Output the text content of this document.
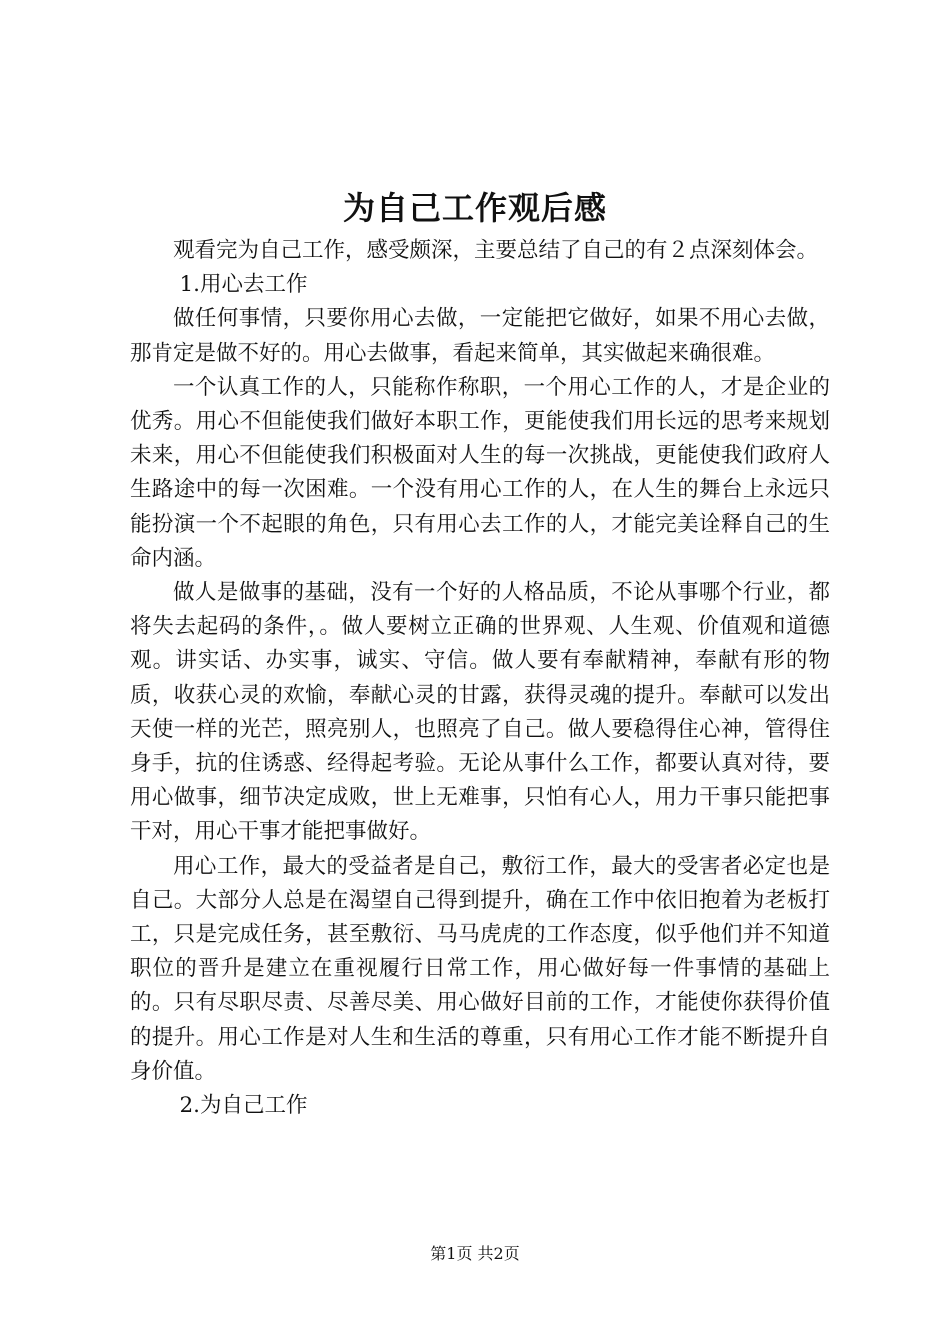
为自己工作观后感

观看完为自己工作，感受颇深，主要总结了自己的有２点深刻体会。

1.用心去工作

做任何事情，只要你用心去做，一定能把它做好，如果不用心去做，那肯定是做不好的。用心去做事，看起来简单，其实做起来确很难。

一个认真工作的人，只能称作称职，一个用心工作的人，才是企业的优秀。用心不但能使我们做好本职工作，更能使我们用长远的思考来规划未来，用心不但能使我们积极面对人生的每一次挑战，更能使我们政府人生路途中的每一次困难。一个没有用心工作的人，在人生的舞台上永远只能扮演一个不起眼的角色，只有用心去工作的人，才能完美诠释自己的生命内涵。

做人是做事的基础，没有一个好的人格品质，不论从事哪个行业，都将失去起码的条件，。做人要树立正确的世界观、人生观、价值观和道德观。讲实话、办实事，诚实、守信。做人要有奉献精神，奉献有形的物质，收获心灵的欢愉，奉献心灵的甘露，获得灵魂的提升。奉献可以发出天使一样的光芒，照亮别人，也照亮了自己。做人要稳得住心神，管得住身手，抗的住诱惑、经得起考验。无论从事什么工作，都要认真对待，要用心做事，细节决定成败，世上无难事，只怕有心人，用力干事只能把事干对，用心干事才能把事做好。

用心工作，最大的受益者是自己，敷衍工作，最大的受害者必定也是自己。大部分人总是在渴望自己得到提升，确在工作中依旧抱着为老板打工，只是完成任务，甚至敷衍、马马虎虎的工作态度，似乎他们并不知道职位的晋升是建立在重视履行日常工作，用心做好每一件事情的基础上的。只有尽职尽责、尽善尽美、用心做好目前的工作，才能使你获得价值的提升。用心工作是对人生和生活的尊重，只有用心工作才能不断提升自身价值。

2.为自己工作

第1页 共2页
